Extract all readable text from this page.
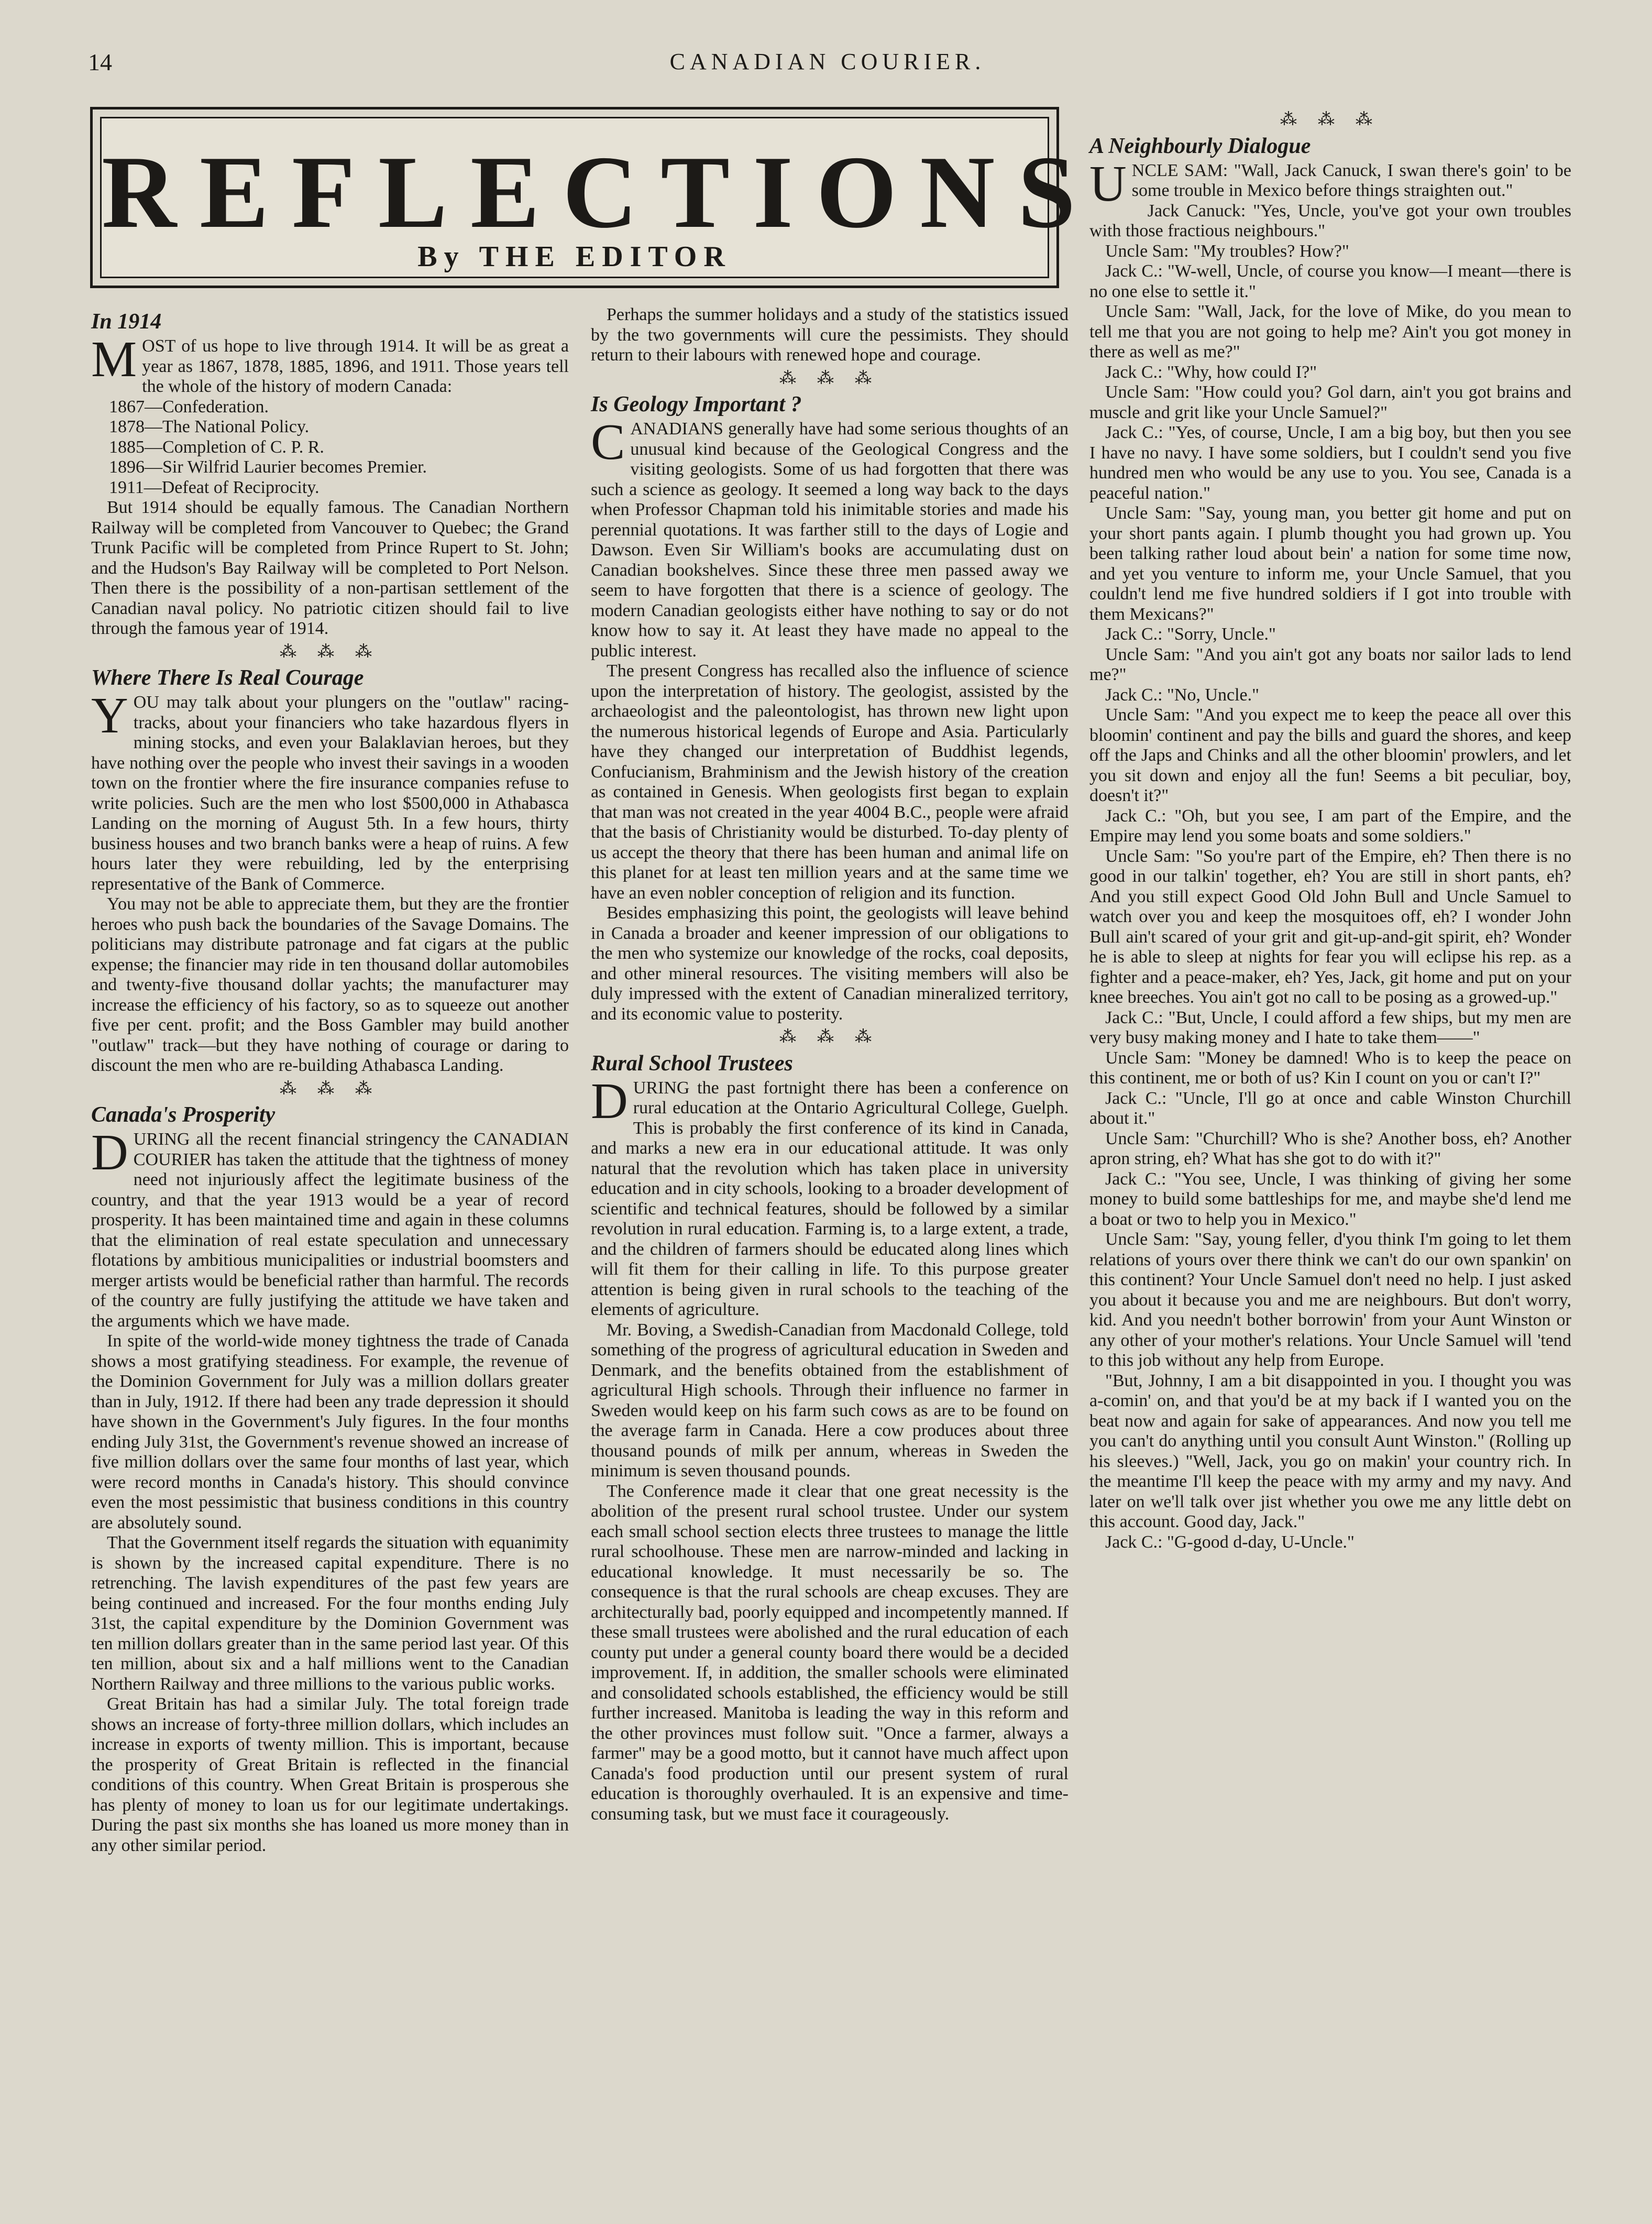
14	CANADIAN COURIER.
REFLECTIONS
By THE EDITOR
In 1914

MOST of us hope to live through 1914. It will be as great a year as 1867, 1878, 1885, 1896, and 1911. Those years tell the whole of the history of modern Canada:

1867—Confederation.

1878—The National Policy.

1885—Completion of C. P. R.

1896—Sir Wilfrid Laurier becomes Premier.

1911—Defeat of Reciprocity.

But 1914 should be equally famous. The Canadian Northern Railway will be completed from Vancouver to Quebec; the Grand Trunk Pacific will be completed from Prince Rupert to St. John; and the Hudson's Bay Railway will be completed to Port Nelson. Then there is the possibility of a non-partisan settlement of the Canadian naval policy. No patriotic citizen should fail to live through the famous year of 1914.

⁂ ⁂ ⁂

Where There Is Real Courage

YOU may talk about your plungers on the "outlaw" racing-tracks, about your financiers who take hazardous flyers in mining stocks, and even your Balaklavian heroes, but they have nothing over the people who invest their savings in a wooden town on the frontier where the fire insurance companies refuse to write policies. Such are the men who lost $500,000 in Athabasca Landing on the morning of August 5th. In a few hours, thirty business houses and two branch banks were a heap of ruins. A few hours later they were rebuilding, led by the enterprising representative of the Bank of Commerce.

You may not be able to appreciate them, but they are the frontier heroes who push back the boundaries of the Savage Domains. The politicians may distribute patronage and fat cigars at the public expense; the financier may ride in ten thousand dollar automobiles and twenty-five thousand dollar yachts; the manufacturer may increase the efficiency of his factory, so as to squeeze out another five per cent. profit; and the Boss Gambler may build another "outlaw" track—but they have nothing of courage or daring to discount the men who are re-building Athabasca Landing.

⁂ ⁂ ⁂

Canada's Prosperity

DURING all the recent financial stringency the CANADIAN COURIER has taken the attitude that the tightness of money need not injuriously affect the legitimate business of the country, and that the year 1913 would be a year of record prosperity. It has been maintained time and again in these columns that the elimination of real estate speculation and unnecessary flotations by ambitious municipalities or industrial boomsters and merger artists would be beneficial rather than harmful. The records of the country are fully justifying the attitude we have taken and the arguments which we have made.

In spite of the world-wide money tightness the trade of Canada shows a most gratifying steadiness. For example, the revenue of the Dominion Government for July was a million dollars greater than in July, 1912. If there had been any trade depression it should have shown in the Government's July figures. In the four months ending July 31st, the Government's revenue showed an increase of five million dollars over the same four months of last year, which were record months in Canada's history. This should convince even the most pessimistic that business conditions in this country are absolutely sound.

That the Government itself regards the situation with equanimity is shown by the increased capital expenditure. There is no retrenching. The lavish expenditures of the past few years are being continued and increased. For the four months ending July 31st, the capital expenditure by the Dominion Government was ten million dollars greater than in the same period last year. Of this ten million, about six and a half millions went to the Canadian Northern Railway and three millions to the various public works.

Great Britain has had a similar July. The total foreign trade shows an increase of forty-three million dollars, which includes an increase in exports of twenty million. This is important, because the prosperity of Great Britain is reflected in the financial conditions of this country. When Great Britain is prosperous she has plenty of money to loan us for our legitimate undertakings. During the past six months she has loaned us more money than in any other similar period.

Perhaps the summer holidays and a study of the statistics issued by the two governments will cure the pessimists. They should return to their labours with renewed hope and courage.

⁂ ⁂ ⁂

Is Geology Important ?

CANADIANS generally have had some serious thoughts of an unusual kind because of the Geological Congress and the visiting geologists. Some of us had forgotten that there was such a science as geology. It seemed a long way back to the days when Professor Chapman told his inimitable stories and made his perennial quotations. It was farther still to the days of Logie and Dawson. Even Sir William's books are accumulating dust on Canadian bookshelves. Since these three men passed away we seem to have forgotten that there is a science of geology. The modern Canadian geologists either have nothing to say or do not know how to say it. At least they have made no appeal to the public interest.

The present Congress has recalled also the influence of science upon the interpretation of history. The geologist, assisted by the archaeologist and the paleontologist, has thrown new light upon the numerous historical legends of Europe and Asia. Particularly have they changed our interpretation of Buddhist legends, Confucianism, Brahminism and the Jewish history of the creation as contained in Genesis. When geologists first began to explain that man was not created in the year 4004 B.C., people were afraid that the basis of Christianity would be disturbed. To-day plenty of us accept the theory that there has been human and animal life on this planet for at least ten million years and at the same time we have an even nobler conception of religion and its function.

Besides emphasizing this point, the geologists will leave behind in Canada a broader and keener impression of our obligations to the men who systemize our knowledge of the rocks, coal deposits, and other mineral resources. The visiting members will also be duly impressed with the extent of Canadian mineralized territory, and its economic value to posterity.

⁂ ⁂ ⁂

Rural School Trustees

DURING the past fortnight there has been a conference on rural education at the Ontario Agricultural College, Guelph. This is probably the first conference of its kind in Canada, and marks a new era in our educational attitude. It was only natural that the revolution which has taken place in university education and in city schools, looking to a broader development of scientific and technical features, should be followed by a similar revolution in rural education. Farming is, to a large extent, a trade, and the children of farmers should be educated along lines which will fit them for their calling in life. To this purpose greater attention is being given in rural schools to the teaching of the elements of agriculture.

Mr. Boving, a Swedish-Canadian from Macdonald College, told something of the progress of agricultural education in Sweden and Denmark, and the benefits obtained from the establishment of agricultural High schools. Through their influence no farmer in Sweden would keep on his farm such cows as are to be found on the average farm in Canada. Here a cow produces about three thousand pounds of milk per annum, whereas in Sweden the minimum is seven thousand pounds.

The Conference made it clear that one great necessity is the abolition of the present rural school trustee. Under our system each small school section elects three trustees to manage the little rural schoolhouse. These men are narrow-minded and lacking in educational knowledge. It must necessarily be so. The consequence is that the rural schools are cheap excuses. They are architecturally bad, poorly equipped and incompetently manned. If these small trustees were abolished and the rural education of each county put under a general county board there would be a decided improvement. If, in addition, the smaller schools were eliminated and consolidated schools established, the efficiency would be still further increased. Manitoba is leading the way in this reform and the other provinces must follow suit. "Once a farmer, always a farmer" may be a good motto, but it cannot have much affect upon Canada's food production until our present system of rural education is thoroughly overhauled. It is an expensive and time-consuming task, but we must face it courageously.

⁂ ⁂ ⁂

A Neighbourly Dialogue

UNCLE SAM: "Wall, Jack Canuck, I swan there's goin' to be some trouble in Mexico before things straighten out."

Jack Canuck: "Yes, Uncle, you've got your own troubles with those fractious neighbours."

Uncle Sam: "My troubles? How?"

Jack C.: "W-well, Uncle, of course you know—I meant—there is no one else to settle it."

Uncle Sam: "Wall, Jack, for the love of Mike, do you mean to tell me that you are not going to help me? Ain't you got money in there as well as me?"

Jack C.: "Why, how could I?"

Uncle Sam: "How could you? Gol darn, ain't you got brains and muscle and grit like your Uncle Samuel?"

Jack C.: "Yes, of course, Uncle, I am a big boy, but then you see I have no navy. I have some soldiers, but I couldn't send you five hundred men who would be any use to you. You see, Canada is a peaceful nation."

Uncle Sam: "Say, young man, you better git home and put on your short pants again. I plumb thought you had grown up. You been talking rather loud about bein' a nation for some time now, and yet you venture to inform me, your Uncle Samuel, that you couldn't lend me five hundred soldiers if I got into trouble with them Mexicans?"

Jack C.: "Sorry, Uncle."

Uncle Sam: "And you ain't got any boats nor sailor lads to lend me?"

Jack C.: "No, Uncle."

Uncle Sam: "And you expect me to keep the peace all over this bloomin' continent and pay the bills and guard the shores, and keep off the Japs and Chinks and all the other bloomin' prowlers, and let you sit down and enjoy all the fun! Seems a bit peculiar, boy, doesn't it?"

Jack C.: "Oh, but you see, I am part of the Empire, and the Empire may lend you some boats and some soldiers."

Uncle Sam: "So you're part of the Empire, eh? Then there is no good in our talkin' together, eh? You are still in short pants, eh? And you still expect Good Old John Bull and Uncle Samuel to watch over you and keep the mosquitoes off, eh? I wonder John Bull ain't scared of your grit and git-up-and-git spirit, eh? Wonder he is able to sleep at nights for fear you will eclipse his rep. as a fighter and a peace-maker, eh? Yes, Jack, git home and put on your knee breeches. You ain't got no call to be posing as a growed-up."

Jack C.: "But, Uncle, I could afford a few ships, but my men are very busy making money and I hate to take them——"

Uncle Sam: "Money be damned! Who is to keep the peace on this continent, me or both of us? Kin I count on you or can't I?"

Jack C.: "Uncle, I'll go at once and cable Winston Churchill about it."

Uncle Sam: "Churchill? Who is she? Another boss, eh? Another apron string, eh? What has she got to do with it?"

Jack C.: "You see, Uncle, I was thinking of giving her some money to build some battleships for me, and maybe she'd lend me a boat or two to help you in Mexico."

Uncle Sam: "Say, young feller, d'you think I'm going to let them relations of yours over there think we can't do our own spankin' on this continent? Your Uncle Samuel don't need no help. I just asked you about it because you and me are neighbours. But don't worry, kid. And you needn't bother borrowin' from your Aunt Winston or any other of your mother's relations. Your Uncle Samuel will 'tend to this job without any help from Europe.

"But, Johnny, I am a bit disappointed in you. I thought you was a-comin' on, and that you'd be at my back if I wanted you on the beat now and again for sake of appearances. And now you tell me you can't do anything until you consult Aunt Winston." (Rolling up his sleeves.) "Well, Jack, you go on makin' your country rich. In the meantime I'll keep the peace with my army and my navy. And later on we'll talk over jist whether you owe me any little debt on this account. Good day, Jack."

Jack C.: "G-good d-day, U-Uncle."
